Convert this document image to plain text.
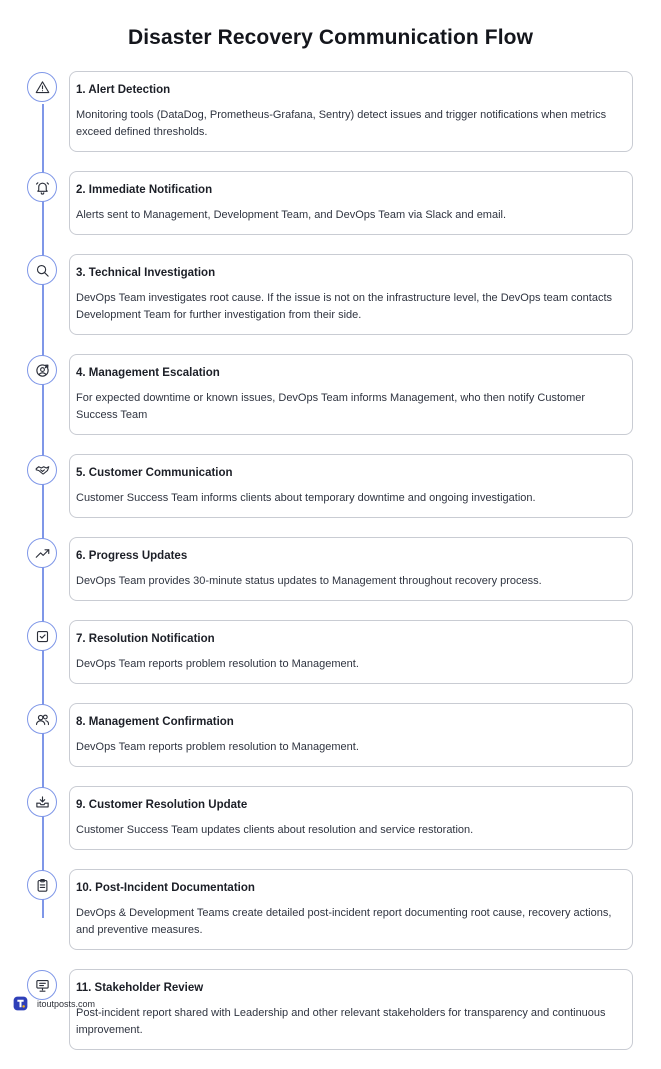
Disaster Recovery Communication Flow
1. Alert Detection
Monitoring tools (DataDog, Prometheus-Grafana, Sentry) detect issues and trigger notifications when metrics exceed defined thresholds.
2. Immediate Notification
Alerts sent to Management, Development Team, and DevOps Team via Slack and email.
3. Technical Investigation
DevOps Team investigates root cause. If the issue is not on the infrastructure level, the DevOps team contacts Development Team for further investigation from their side.
4. Management Escalation
For expected downtime or known issues, DevOps Team informs Management, who then notify Customer Success Team
5. Customer Communication
Customer Success Team informs clients about temporary downtime and ongoing investigation.
6. Progress Updates
DevOps Team provides 30-minute status updates to Management throughout recovery process.
7. Resolution Notification
DevOps Team reports problem resolution to Management.
8. Management Confirmation
DevOps Team reports problem resolution to Management.
9. Customer Resolution Update
Customer Success Team updates clients about resolution and service restoration.
10. Post-Incident Documentation
DevOps & Development Teams create detailed post-incident report documenting root cause, recovery actions, and preventive measures.
11. Stakeholder Review
Post-incident report shared with Leadership and other relevant stakeholders for transparency and continuous improvement.
itoutposts.com
